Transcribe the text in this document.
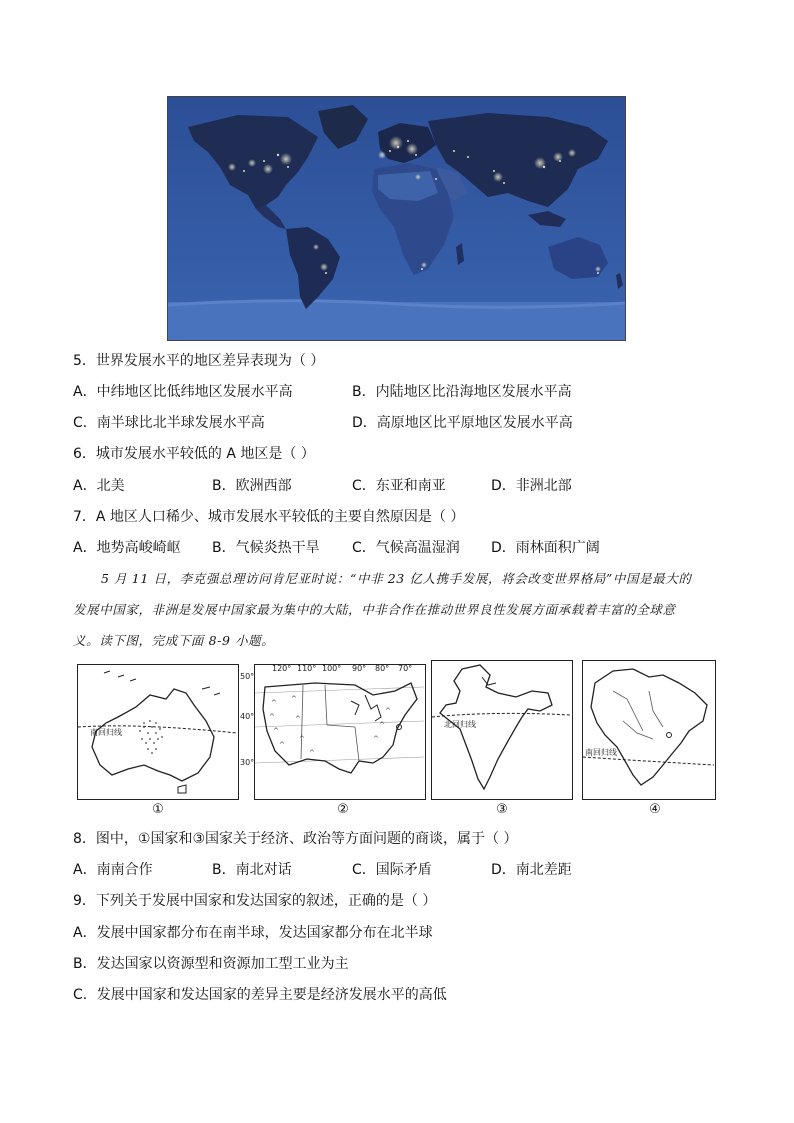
5．世界发展水平的地区差异表现为（ ）
A．中纬地区比低纬地区发展水平高	B．内陆地区比沿海地区发展水平高
C．南半球比北半球发展水平高	D．高原地区比平原地区发展水平高
6．城市发展水平较低的 A 地区是（ ）
A．北美	B．欧洲西部	C．东亚和南亚	D．非洲北部
7．A 地区人口稀少、城市发展水平较低的主要自然原因是（ ）
A．地势高峻崎岖 B．气候炎热干旱 C．气候高温湿润 D．雨林面积广阔
5 月 11 日，李克强总理访问肯尼亚时说：“中非 23 亿人携手发展，将会改变世界格局”中国是最大的
发展中国家，非洲是发展中国家最为集中的大陆，中非合作在推动世界良性发展方面承载着丰富的全球意
义。读下图，完成下面 8-9 小题。
南回归线
①
^
^
^
^
^
^
^
^
^
^
^
120° 110° 100° 90° 80° 70°
50°
40°
30°
②
北回归线
③
南回归线
④
8．图中，①国家和③国家关于经济、政治等方面问题的商谈，属于（ ）
A．南南合作	B．南北对话	C．国际矛盾	D．南北差距
9．下列关于发展中国家和发达国家的叙述，正确的是（ ）
A．发展中国家都分布在南半球，发达国家都分布在北半球
B．发达国家以资源型和资源加工型工业为主
C．发展中国家和发达国家的差异主要是经济发展水平的高低
